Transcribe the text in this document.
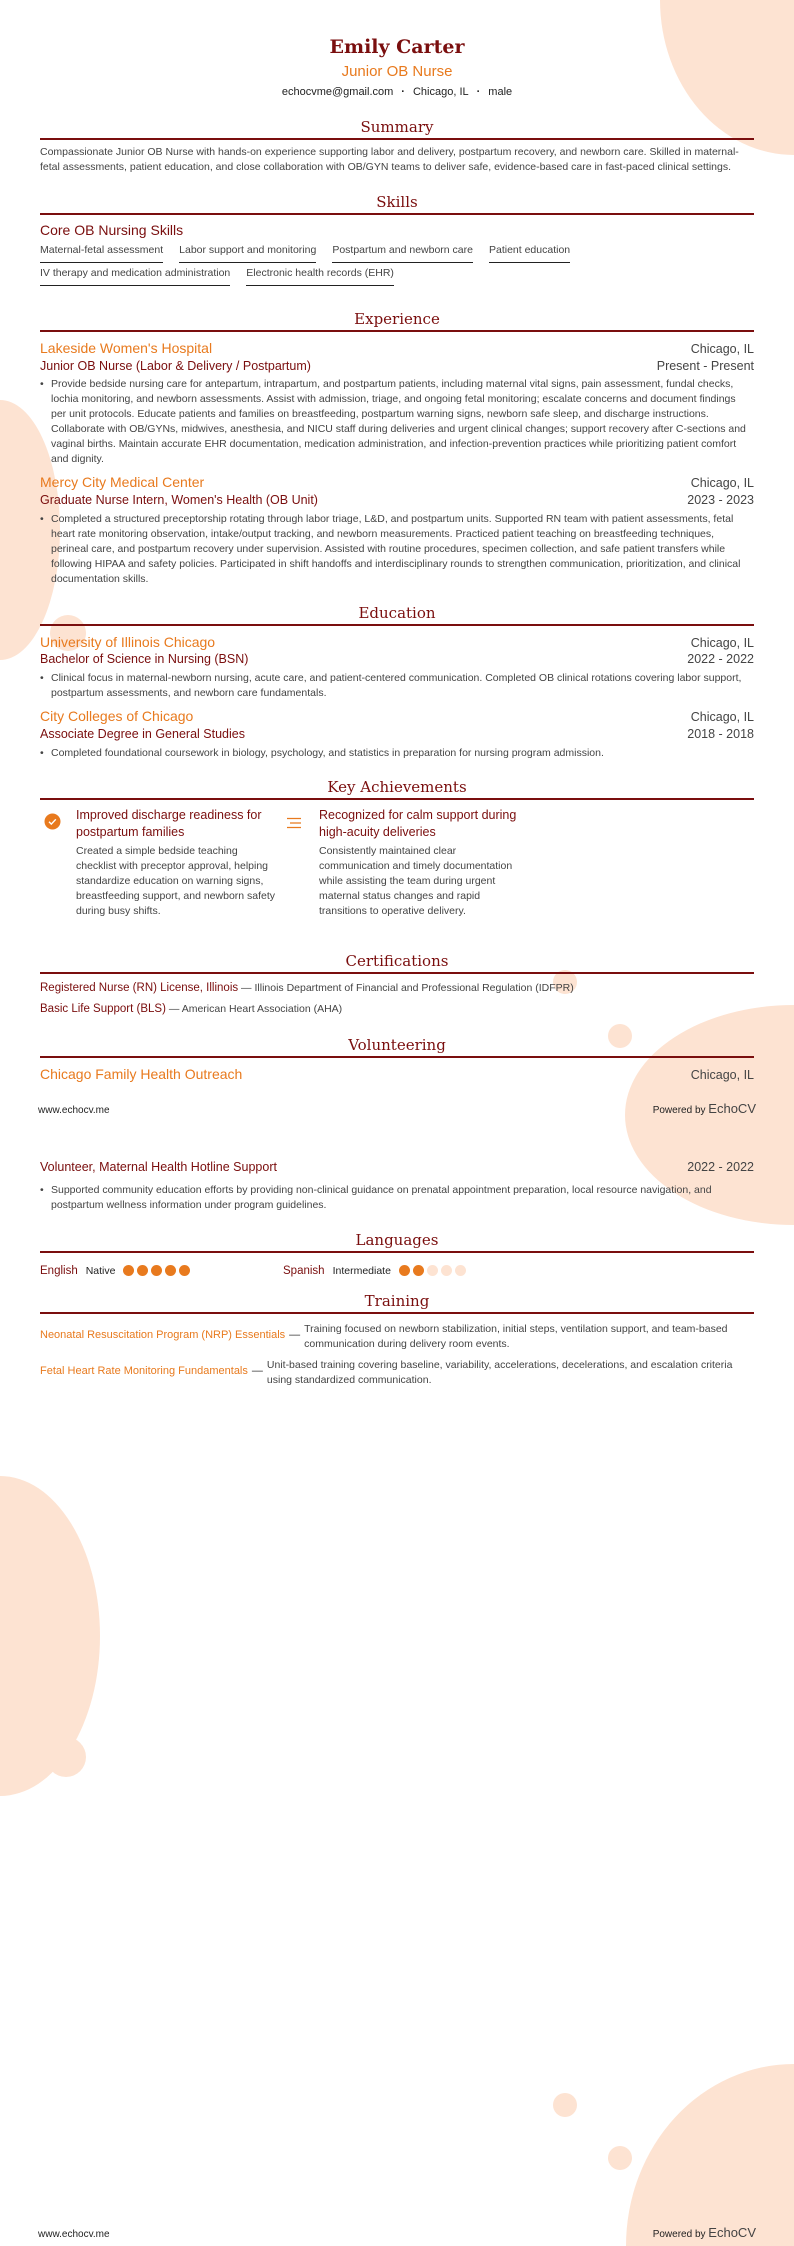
Emily Carter
Junior OB Nurse
echocvme@gmail.com · Chicago, IL · male
Summary
Compassionate Junior OB Nurse with hands-on experience supporting labor and delivery, postpartum recovery, and newborn care. Skilled in maternal-fetal assessments, patient education, and close collaboration with OB/GYN teams to deliver safe, evidence-based care in fast-paced clinical settings.
Skills
Core OB Nursing Skills
Maternal-fetal assessment Labor support and monitoring Postpartum and newborn care Patient education
IV therapy and medication administration Electronic health records (EHR)
Experience
Lakeside Women's Hospital	Chicago, IL
Junior OB Nurse (Labor & Delivery / Postpartum)	Present - Present
• Provide bedside nursing care for antepartum, intrapartum, and postpartum patients, including maternal vital signs, pain assessment, fundal checks, lochia monitoring, and newborn assessments. Assist with admission, triage, and ongoing fetal monitoring; escalate concerns and document findings per unit protocols. Educate patients and families on breastfeeding, postpartum warning signs, newborn safe sleep, and discharge instructions. Collaborate with OB/GYNs, midwives, anesthesia, and NICU staff during deliveries and urgent clinical changes; support recovery after C-sections and vaginal births. Maintain accurate EHR documentation, medication administration, and infection-prevention practices while prioritizing patient comfort and dignity.
Mercy City Medical Center	Chicago, IL
Graduate Nurse Intern, Women's Health (OB Unit)	2023 - 2023
• Completed a structured preceptorship rotating through labor triage, L&D, and postpartum units. Supported RN team with patient assessments, fetal heart rate monitoring observation, intake/output tracking, and newborn measurements. Practiced patient teaching on breastfeeding techniques, perineal care, and postpartum recovery under supervision. Assisted with routine procedures, specimen collection, and safe patient transfers while following HIPAA and safety policies. Participated in shift handoffs and interdisciplinary rounds to strengthen communication, prioritization, and clinical documentation skills.
Education
University of Illinois Chicago	Chicago, IL
Bachelor of Science in Nursing (BSN)	2022 - 2022
• Clinical focus in maternal-newborn nursing, acute care, and patient-centered communication. Completed OB clinical rotations covering labor support, postpartum assessments, and newborn care fundamentals.
City Colleges of Chicago	Chicago, IL
Associate Degree in General Studies	2018 - 2018
• Completed foundational coursework in biology, psychology, and statistics in preparation for nursing program admission.
Key Achievements
Improved discharge readiness for postpartum families
Created a simple bedside teaching checklist with preceptor approval, helping standardize education on warning signs, breastfeeding support, and newborn safety during busy shifts.
Recognized for calm support during high-acuity deliveries
Consistently maintained clear communication and timely documentation while assisting the team during urgent maternal status changes and rapid transitions to operative delivery.
Certifications
Registered Nurse (RN) License, Illinois — Illinois Department of Financial and Professional Regulation (IDFPR)
Basic Life Support (BLS) — American Heart Association (AHA)
Volunteering
Chicago Family Health Outreach	Chicago, IL
www.echocv.me	Powered by EchoCV
Volunteer, Maternal Health Hotline Support	2022 - 2022
• Supported community education efforts by providing non-clinical guidance on prenatal appointment preparation, local resource navigation, and postpartum wellness information under program guidelines.
Languages
English Native	Spanish Intermediate
Training
Neonatal Resuscitation Program (NRP) Essentials — Training focused on newborn stabilization, initial steps, ventilation support, and team-based communication during delivery room events.
Fetal Heart Rate Monitoring Fundamentals — Unit-based training covering baseline, variability, accelerations, decelerations, and escalation criteria using standardized communication.
www.echocv.me	Powered by EchoCV
